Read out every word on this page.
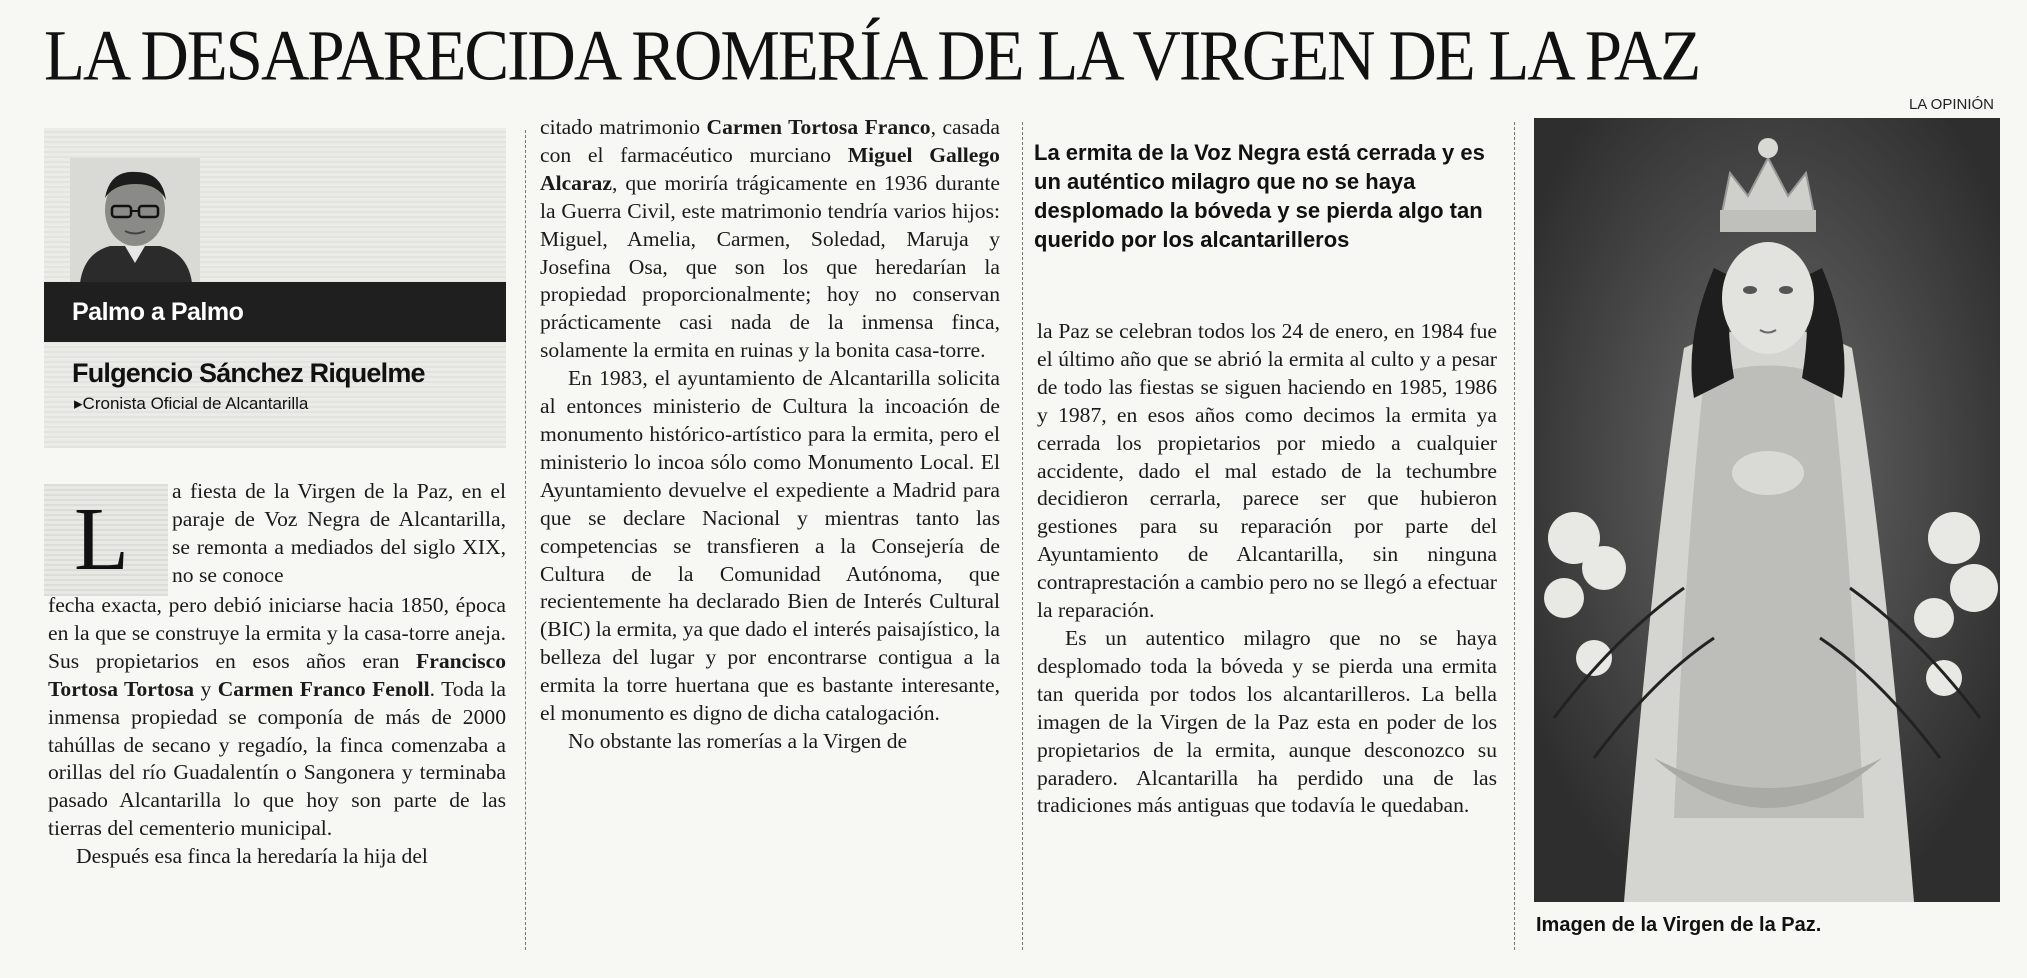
LA DESAPARECIDA ROMERÍA DE LA VIRGEN DE LA PAZ
LA OPINIÓN
Palmo a Palmo
Fulgencio Sánchez Riquelme
▸Cronista Oficial de Alcantarilla
L a fiesta de la Virgen de la Paz, en el paraje de Voz Negra de Alcantarilla, se remonta a mediados del siglo XIX, no se conoce

fecha exacta, pero debió iniciarse hacia 1850, época en la que se construye la ermita y la casa-torre aneja. Sus propietarios en esos años eran Francisco Tortosa Tortosa y Carmen Franco Fenoll. Toda la inmensa propiedad se componía de más de 2000 tahúllas de secano y regadío, la finca comenzaba a orillas del río Guadalentín o Sangonera y terminaba pasado Alcantarilla lo que hoy son parte de las tierras del cementerio municipal.

Después esa finca la heredaría la hija del

citado matrimonio Carmen Tortosa Franco, casada con el farmacéutico murciano Miguel Gallego Alcaraz, que moriría trágicamente en 1936 durante la Guerra Civil, este matrimonio tendría varios hijos: Miguel, Amelia, Carmen, Soledad, Maruja y Josefina Osa, que son los que heredarían la propiedad proporcionalmente; hoy no conservan prácticamente casi nada de la inmensa finca, solamente la ermita en ruinas y la bonita casa-torre.

En 1983, el ayuntamiento de Alcantarilla solicita al entonces ministerio de Cultura la incoación de monumento histórico-artístico para la ermita, pero el ministerio lo incoa sólo como Monumento Local. El Ayuntamiento devuelve el expediente a Madrid para que se declare Nacional y mientras tanto las competencias se transfieren a la Consejería de Cultura de la Comunidad Autónoma, que recientemente ha declarado Bien de Interés Cultural (BIC) la ermita, ya que dado el interés paisajístico, la belleza del lugar y por encontrarse contigua a la ermita la torre huertana que es bastante interesante, el monumento es digno de dicha catalogación.

No obstante las romerías a la Virgen de

La ermita de la Voz Negra está cerrada y es un auténtico milagro que no se haya desplomado la bóveda y se pierda algo tan querido por los alcantarilleros

la Paz se celebran todos los 24 de enero, en 1984 fue el último año que se abrió la ermita al culto y a pesar de todo las fiestas se siguen haciendo en 1985, 1986 y 1987, en esos años como decimos la ermita ya cerrada los propietarios por miedo a cualquier accidente, dado el mal estado de la techumbre decidieron cerrarla, parece ser que hubieron gestiones para su reparación por parte del Ayuntamiento de Alcantarilla, sin ninguna contraprestación a cambio pero no se llegó a efectuar la reparación.

Es un autentico milagro que no se haya desplomado toda la bóveda y se pierda una ermita tan querida por todos los alcantarilleros. La bella imagen de la Virgen de la Paz esta en poder de los propietarios de la ermita, aunque desconozco su paradero. Alcantarilla ha perdido una de las tradiciones más antiguas que todavía le quedaban.

Imagen de la Virgen de la Paz.
